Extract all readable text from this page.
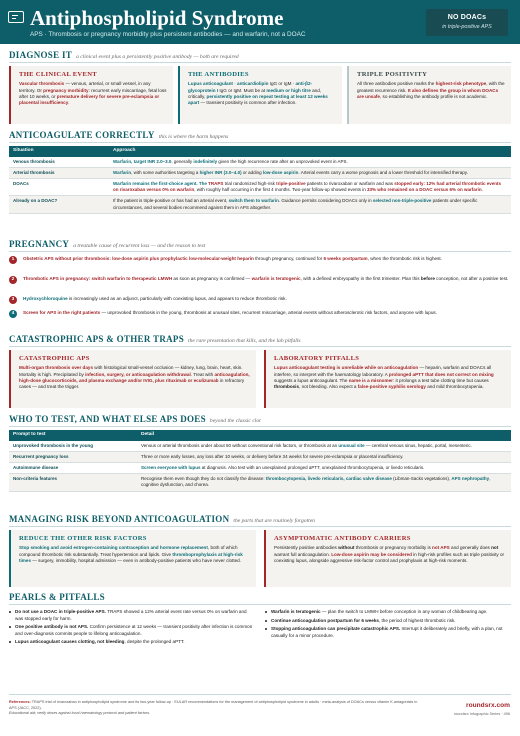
Antiphospholipid Syndrome
APS · Thrombosis or pregnancy morbidity plus persistent antibodies — and warfarin, not a DOAC
NO DOACs
in triple-positive APS
DIAGNOSE IT a clinical event plus a persistently positive antibody — both are required
THE CLINICAL EVENT
Vascular thrombosis — venous, arterial, or small vessel, in any territory. Or pregnancy morbidity: recurrent early miscarriage, fetal loss after 10 weeks, or premature delivery for severe pre-eclampsia or placental insufficiency.
THE ANTIBODIES
Lupus anticoagulant · anticardiolipin IgG or IgM · anti-β2-glycoprotein I IgG or IgM. Must be at medium or high titre and, critically, persistently positive on repeat testing at least 12 weeks apart — transient positivity is common after infection.
TRIPLE POSITIVITY
All three antibodies positive marks the highest-risk phenotype, with the greatest recurrence risk. It also defines the group in whom DOACs are unsafe, so establishing the antibody profile is not academic.
ANTICOAGULATE CORRECTLY this is where the harm happens
Situation	Approach
Venous thrombosis	Warfarin, target INR 2.0–3.0, generally indefinitely given the high recurrence rate after an unprovoked event in APS.
Arterial thrombosis	Warfarin, with some authorities targeting a higher INR (3.0–4.0) or adding low-dose aspirin. Arterial events carry a worse prognosis and a lower threshold for intensified therapy.
DOACs	Warfarin remains the first-choice agent. The TRAPS trial randomized high-risk triple-positive patients to rivaroxaban or warfarin and was stopped early: 12% had arterial thrombotic events on rivaroxaban versus 0% on warfarin, with roughly half occurring in the first 4 months. Two-year follow-up showed events in 33% who remained on a DOAC versus 6% on warfarin.
Already on a DOAC?	If the patient is triple-positive or has had an arterial event, switch them to warfarin. Guidance permits considering DOACs only in selected non-triple-positive patients under specific circumstances, and several bodies recommend against them in APS altogether.
PREGNANCY a treatable cause of recurrent loss — and the reason to test
1	Obstetric APS without prior thrombosis: low-dose aspirin plus prophylactic low-molecular-weight heparin through pregnancy, continued for 6 weeks postpartum, when the thrombotic risk is highest.
2	Thrombotic APS in pregnancy: switch warfarin to therapeutic LMWH as soon as pregnancy is confirmed — warfarin is teratogenic, with a defined embryopathy in the first trimester. Plan this before conception, not after a positive test.
3	Hydroxychloroquine is increasingly used as an adjunct, particularly with coexisting lupus, and appears to reduce thrombotic risk.
4	Screen for APS in the right patients — unprovoked thrombosis in the young, thrombosis at unusual sites, recurrent miscarriage, arterial events without atherosclerotic risk factors, and anyone with lupus.
CATASTROPHIC APS & OTHER TRAPS the rare presentation that kills, and the lab pitfalls
CATASTROPHIC APS
Multi-organ thrombosis over days with histological small-vessel occlusion — kidney, lung, brain, heart, skin. Mortality is high. Precipitated by infection, surgery, or anticoagulation withdrawal. Treat with anticoagulation, high-dose glucocorticoids, and plasma exchange and/or IVIG, plus rituximab or eculizumab in refractory cases — and treat the trigger.
LABORATORY PITFALLS
Lupus anticoagulant testing is unreliable while on anticoagulation — heparin, warfarin and DOACs all interfere, so interpret with the haematology laboratory. A prolonged aPTT that does not correct on mixing suggests a lupus anticoagulant. The name is a misnomer: it prolongs a test tube clotting time but causes thrombosis, not bleeding. Also expect a false-positive syphilis serology and mild thrombocytopenia.
WHO TO TEST, AND WHAT ELSE APS DOES beyond the classic clot
Prompt to test	Detail
Unprovoked thrombosis in the young	Venous or arterial thrombosis under about 50 without conventional risk factors, or thrombosis at an unusual site — cerebral venous sinus, hepatic, portal, mesenteric.
Recurrent pregnancy loss	Three or more early losses, any loss after 10 weeks, or delivery before 34 weeks for severe pre-eclampsia or placental insufficiency.
Autoimmune disease	Screen everyone with lupus at diagnosis. Also test with an unexplained prolonged aPTT, unexplained thrombocytopenia, or livedo reticularis.
Non-criteria features	Recognise them even though they do not classify the disease: thrombocytopenia, livedo reticularis, cardiac valve disease (Libman-Sacks vegetations), APS nephropathy, cognitive dysfunction, and chorea.
MANAGING RISK BEYOND ANTICOAGULATION the parts that are routinely forgotten
REDUCE THE OTHER RISK FACTORS
Stop smoking and avoid estrogen-containing contraception and hormone replacement, both of which compound thrombotic risk substantially. Treat hypertension and lipids. Give thromboprophylaxis at high-risk times — surgery, immobility, hospital admission — even in antibody-positive patients who have never clotted.
ASYMPTOMATIC ANTIBODY CARRIERS
Persistently positive antibodies without thrombosis or pregnancy morbidity is not APS and generally does not warrant full anticoagulation. Low-dose aspirin may be considered in high-risk profiles such as triple positivity or coexisting lupus, alongside aggressive risk-factor control and prophylaxis at high-risk moments.
PEARLS & PITFALLS
Do not use a DOAC in triple-positive APS. TRAPS showed a 12% arterial event rate versus 0% on warfarin and was stopped early for harm.
One positive antibody is not APS. Confirm persistence at 12 weeks — transient positivity after infection is common and over-diagnosis commits people to lifelong anticoagulation.
Lupus anticoagulant causes clotting, not bleeding, despite the prolonged aPTT.
Warfarin is teratogenic — plan the switch to LMWH before conception in any woman of childbearing age.
Continue anticoagulation postpartum for 6 weeks, the period of highest thrombotic risk.
Stopping anticoagulation can precipitate catastrophic APS. Interrupt it deliberately and briefly, with a plan, not casually for a minor procedure.
References: TRAPS trial of rivaroxaban in antiphospholipid syndrome and its two-year follow-up · EULAR recommendations for the management of antiphospholipid syndrome in adults · meta-analysis of DOACs versus vitamin K antagonists in APS (JACC, 2022).
Educational aid; verify doses against local haematology protocol and patient factors.
roundsrx.com
roundsrx Infographic Series · 496
